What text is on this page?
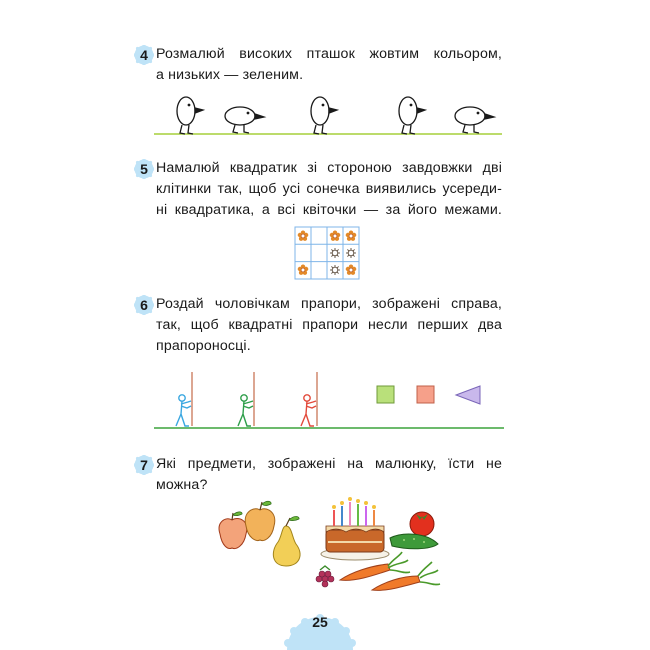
4 Розмалюй високих пташок жовтим кольором,
а низьких — зеленим.
5 Намалюй квадратик зі стороною завдовжки дві
клітинки так, щоб усі сонечка виявились усереди-
ні квадратика, а всі квіточки — за його межами.
6 Роздай чоловічкам прапори, зображені справа,
так, щоб квадратні прапори несли перших два
прапороносці.
7 Які предмети, зображені на малюнку, їсти не
можна?
25
